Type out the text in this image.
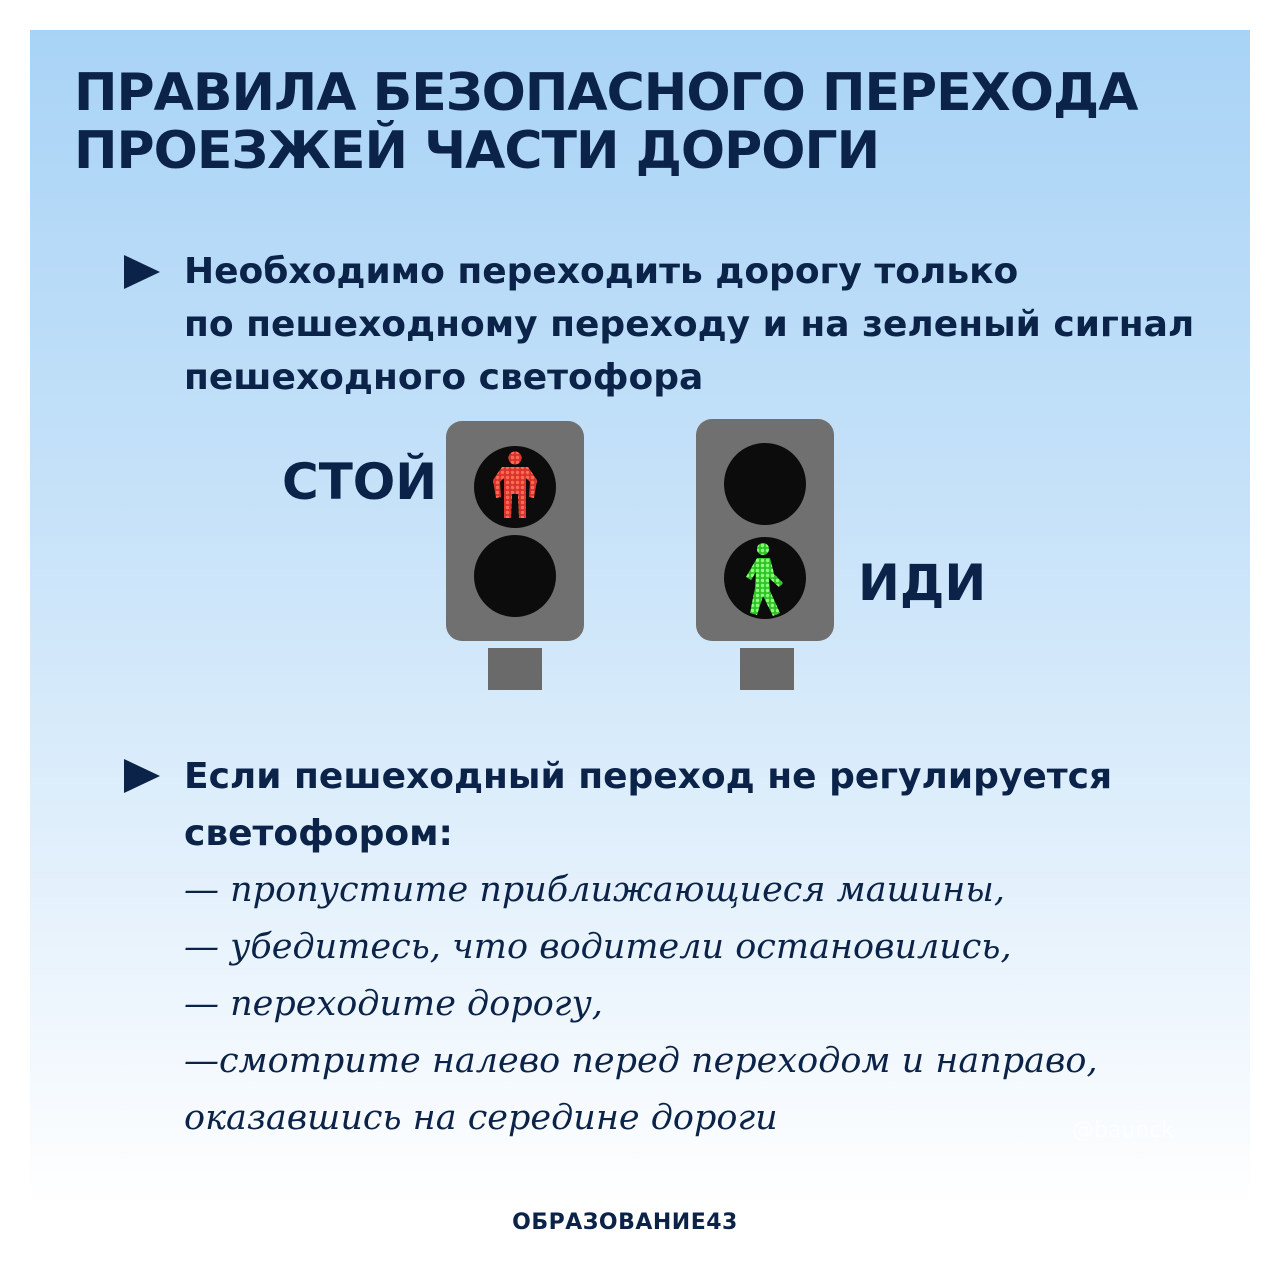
ПРАВИЛА БЕЗОПАСНОГО ПЕРЕХОДА
ПРОЕЗЖЕЙ ЧАСТИ ДОРОГИ
Необходимо переходить дорогу только
по пешеходному переходу и на зеленый сигнал
пешеходного светофора
СТОЙ
ИДИ
Если пешеходный переход не регулируется
светофором:
— пропустите приближающиеся машины,
— убедитесь, что водители остановились,
— переходите дорогу,
—смотрите налево перед переходом и направо,
оказавшись на середине дороги	@baunck
ОБРАЗОВАНИЕ43
